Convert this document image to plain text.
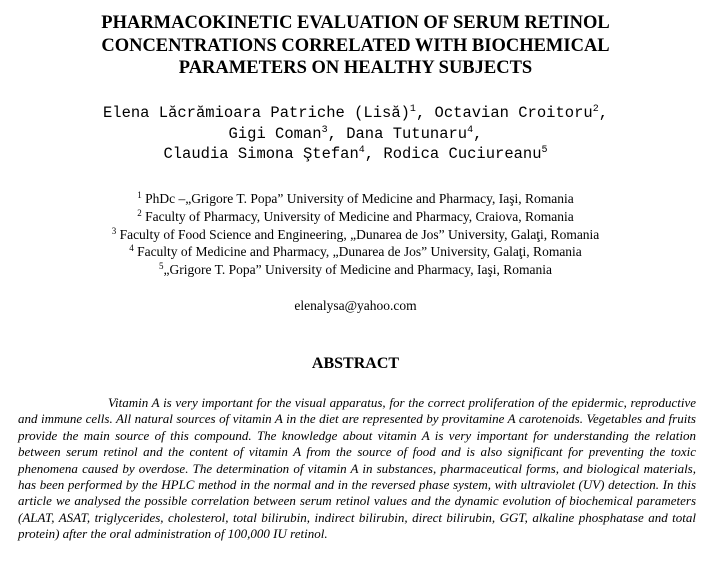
PHARMACOKINETIC EVALUATION OF SERUM RETINOL
CONCENTRATIONS CORRELATED WITH BIOCHEMICAL
PARAMETERS ON HEALTHY SUBJECTS
Elena Lăcrămioara Patriche (Lisă)$^1$, Octavian Croitoru$^2$,
Gigi Coman$^3$, Dana Tutunaru$^4$,
Claudia Simona Ştefan$^4$, Rodica Cuciureanu$^5$
$^1$ PhDc –„Grigore T. Popa” University of Medicine and Pharmacy, Iaşi, Romania
$^2$ Faculty of Pharmacy, University of Medicine and Pharmacy, Craiova, Romania
$^3$ Faculty of Food Science and Engineering, „Dunarea de Jos” University, Galaţi, Romania
$^4$ Faculty of Medicine and Pharmacy, „Dunarea de Jos” University, Galaţi, Romania
$^5$„Grigore T. Popa” University of Medicine and Pharmacy, Iaşi, Romania
elenalysa@yahoo.com
ABSTRACT

Vitamin A is very important for the visual apparatus, for the correct proliferation of the epidermic, reproductive and immune cells. All natural sources of vitamin A in the diet are represented by provitamine A carotenoids. Vegetables and fruits provide the main source of this compound. The knowledge about vitamin A is very important for understanding the relation between serum retinol and the content of vitamin A from the source of food and is also significant for preventing the toxic phenomena caused by overdose. The determination of vitamin A in substances, pharmaceutical forms, and biological materials, has been performed by the HPLC method in the normal and in the reversed phase system, with ultraviolet (UV) detection. In this article we analysed the possible correlation between serum retinol values and the dynamic evolution of biochemical parameters (ALAT, ASAT, triglycerides, cholesterol, total bilirubin, indirect bilirubin, direct bilirubin, GGT, alkaline phosphatase and total protein) after the oral administration of 100,000 IU retinol.
